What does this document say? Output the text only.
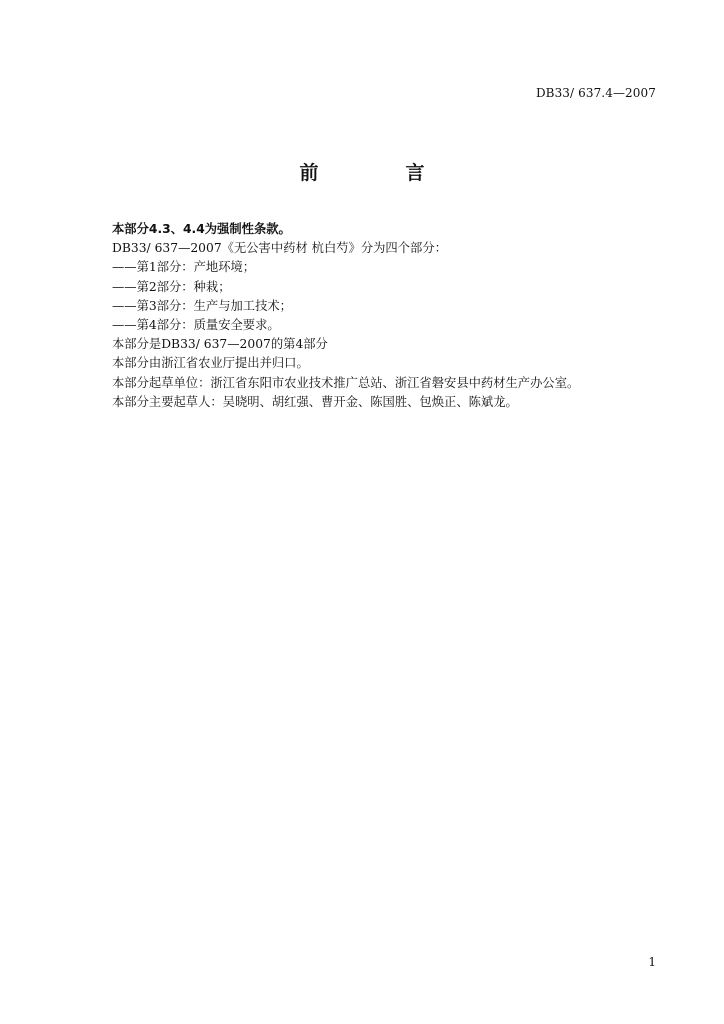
DB33/ 637.4—2007
前　言
本部分4.3、4.4为强制性条款。
DB33/ 637—2007《无公害中药材 杭白芍》分为四个部分：
——第1部分：产地环境；
——第2部分：种栽；
——第3部分：生产与加工技术；
——第4部分：质量安全要求。
本部分是DB33/ 637—2007的第4部分
本部分由浙江省农业厅提出并归口。
本部分起草单位：浙江省东阳市农业技术推广总站、浙江省磐安县中药材生产办公室。
本部分主要起草人：吴晓明、胡红强、曹开金、陈国胜、包焕正、陈斌龙。
1
